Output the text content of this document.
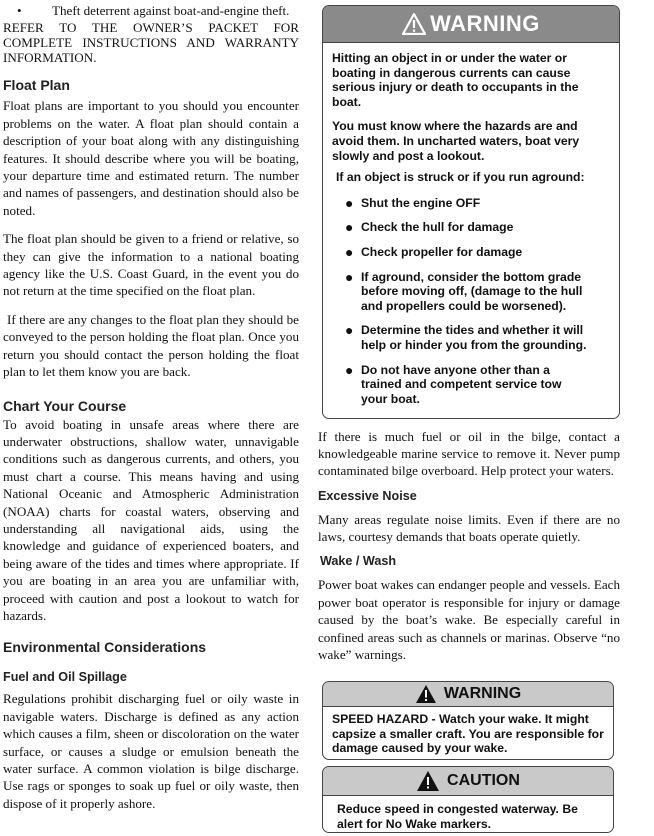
•	Theft deterrent against boat-and-engine theft.

REFER TO THE OWNER’S PACKET FOR COMPLETE INSTRUCTIONS AND WARRANTY INFORMATION.

Float Plan

Float plans are important to you should you encounter problems on the water. A float plan should contain a description of your boat along with any distinguishing features. It should describe where you will be boating, your departure time and estimated return. The number and names of passengers, and destination should also be noted.

The float plan should be given to a friend or relative, so they can give the information to a national boating agency like the U.S. Coast Guard, in the event you do not return at the time specified on the float plan.

If there are any changes to the float plan they should be conveyed to the person holding the float plan. Once you return you should contact the person holding the float plan to let them know you are back.

Chart Your Course

To avoid boating in unsafe areas where there are underwater obstructions, shallow water, unnavigable conditions such as dangerous currents, and others, you must chart a course. This means having and using National Oceanic and Atmospheric Administration (NOAA) charts for coastal waters, observing and understanding all navigational aids, using the knowledge and guidance of experienced boaters, and being aware of the tides and times where appropriate. If you are boating in an area you are unfamiliar with, proceed with caution and post a lookout to watch for hazards.

Environmental Considerations
Fuel and Oil Spillage

Regulations prohibit discharging fuel or oily waste in navigable waters. Discharge is defined as any action which causes a film, sheen or discoloration on the water surface, or causes a sludge or emulsion beneath the water surface. A common violation is bilge discharge. Use rags or sponges to soak up fuel or oily waste, then dispose of it properly ashore.

WARNING

Hitting an object in or under the water or boating in dangerous currents can cause serious injury or death to occupants in the boat.

You must know where the hazards are and avoid them. In uncharted waters, boat very slowly and post a lookout.

If an object is struck or if you run aground:

● Shut the engine OFF
● Check the hull for damage
● Check propeller for damage
● If aground, consider the bottom grade before moving off, (damage to the hull and propellers could be worsened).
● Determine the tides and whether it will help or hinder you from the grounding.
● Do not have anyone other than a trained and competent service tow your boat.

If there is much fuel or oil in the bilge, contact a knowledgeable marine service to remove it. Never pump contaminated bilge overboard. Help protect your waters.

Excessive Noise

Many areas regulate noise limits. Even if there are no laws, courtesy demands that boats operate quietly.

Wake / Wash

Power boat wakes can endanger people and vessels. Each power boat operator is responsible for injury or damage caused by the boat’s wake. Be especially careful in confined areas such as channels or marinas. Observe “no wake” warnings.

WARNING

SPEED HAZARD - Watch your wake. It might capsize a smaller craft. You are responsible for damage caused by your wake.

CAUTION

Reduce speed in congested waterway. Be alert for No Wake markers.
